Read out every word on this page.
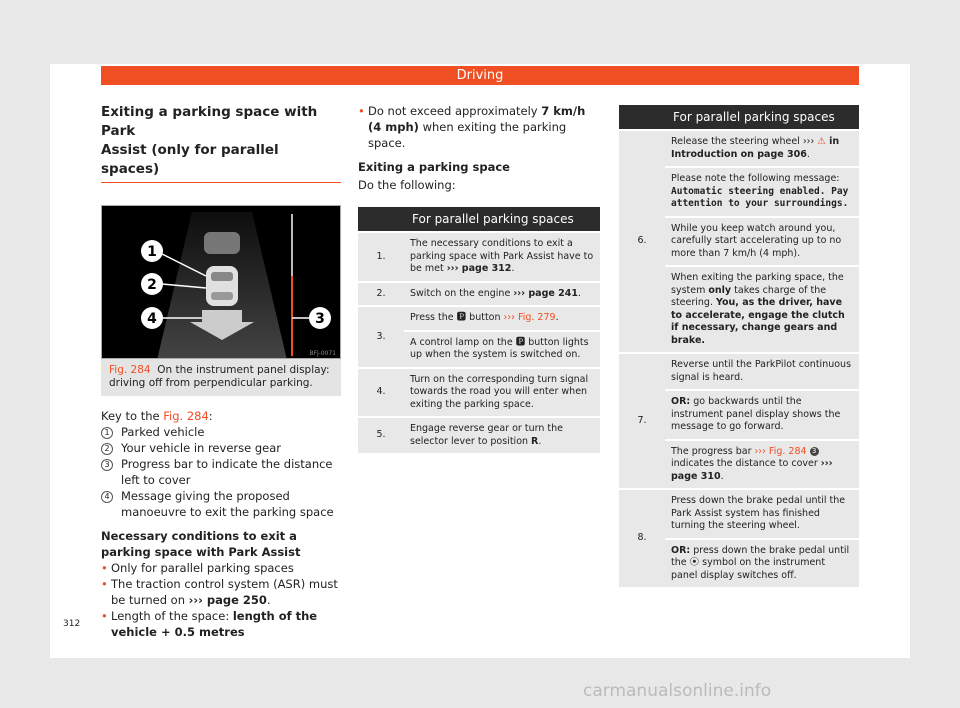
Driving
Exiting a parking space with Park
Assist (only for parallel spaces)
1
2
4	3
BFJ-0071
Fig. 284 On the instrument panel display: driving off from perpendicular parking.

Key to the Fig. 284:

1 Parked vehicle
2 Your vehicle in reverse gear
3 Progress bar to indicate the distance left to cover
4 Message giving the proposed manoeuvre to exit the parking space

Necessary conditions to exit a parking space with Park Assist

• Only for parallel parking spaces
• The traction control system (ASR) must be turned on ››› page 250.
• Length of the space: length of the vehicle + 0.5 metres
• Do not exceed approximately 7 km/h (4 mph) when exiting the parking space.

Exiting a parking space

Do the following:

	For parallel parking spaces
1.	The necessary conditions to exit a parking space with Park Assist have to be met ››› page 312.
2.	Switch on the engine ››› page 241.
3.	Press the 🅿 button ››› Fig. 279.
	A control lamp on the 🅿 button lights up when the system is switched on.
4.	Turn on the corresponding turn signal towards the road you will enter when exiting the parking space.
5.	Engage reverse gear or turn the selector lever to position R.
	For parallel parking spaces
6.	Release the steering wheel ››› ⚠ in Introduction on page 306.
	Please note the following message: Automatic steering enabled. Pay attention to your surroundings.
	While you keep watch around you, carefully start accelerating up to no more than 7 km/h (4 mph).
	When exiting the parking space, the system only takes charge of the steering. You, as the driver, have to accelerate, engage the clutch if necessary, change gears and brake.
7.	Reverse until the ParkPilot continuous signal is heard.
	OR: go backwards until the instrument panel display shows the message to go forward.
	The progress bar ››› Fig. 284 3 indicates the distance to cover ››› page 310.
8.	Press down the brake pedal until the Park Assist system has finished turning the steering wheel.
	OR: press down the brake pedal until the ⦿ symbol on the instrument panel display switches off.
312
carmanualsonline.info
